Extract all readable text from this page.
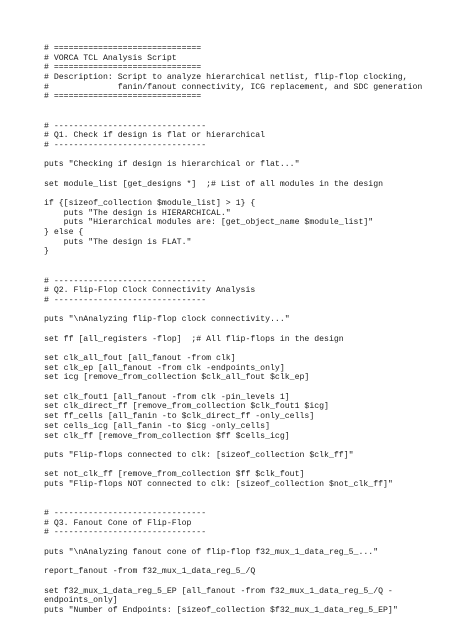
# ==============================
# VORCA TCL Analysis Script
# ==============================
# Description: Script to analyze hierarchical netlist, flip-flop clocking,
#              fanin/fanout connectivity, ICG replacement, and SDC generation
# ==============================
# -------------------------------
# Q1. Check if design is flat or hierarchical
# -------------------------------
puts "Checking if design is hierarchical or flat..."
set module_list [get_designs *]  ;# List of all modules in the design
if {[sizeof_collection $module_list] > 1} {
puts "The design is HIERARCHICAL."
puts "Hierarchical modules are: [get_object_name $module_list]"
} else {
puts "The design is FLAT."
}
# -------------------------------
# Q2. Flip-Flop Clock Connectivity Analysis
# -------------------------------
puts "\nAnalyzing flip-flop clock connectivity..."
set ff [all_registers -flop]  ;# All flip-flops in the design
set clk_all_fout [all_fanout -from clk]
set clk_ep [all_fanout -from clk -endpoints_only]
set icg [remove_from_collection $clk_all_fout $clk_ep]
set clk_fout1 [all_fanout -from clk -pin_levels 1]
set clk_direct_ff [remove_from_collection $clk_fout1 $icg]
set ff_cells [all_fanin -to $clk_direct_ff -only_cells]
set cells_icg [all_fanin -to $icg -only_cells]
set clk_ff [remove_from_collection $ff $cells_icg]
puts "Flip-flops connected to clk: [sizeof_collection $clk_ff]"
set not_clk_ff [remove_from_collection $ff $clk_fout]
puts "Flip-flops NOT connected to clk: [sizeof_collection $not_clk_ff]"
# -------------------------------
# Q3. Fanout Cone of Flip-Flop
# -------------------------------
puts "\nAnalyzing fanout cone of flip-flop f32_mux_1_data_reg_5_..."
report_fanout -from f32_mux_1_data_reg_5_/Q
set f32_mux_1_data_reg_5_EP [all_fanout -from f32_mux_1_data_reg_5_/Q -
endpoints_only]
puts "Number of Endpoints: [sizeof_collection $f32_mux_1_data_reg_5_EP]"
